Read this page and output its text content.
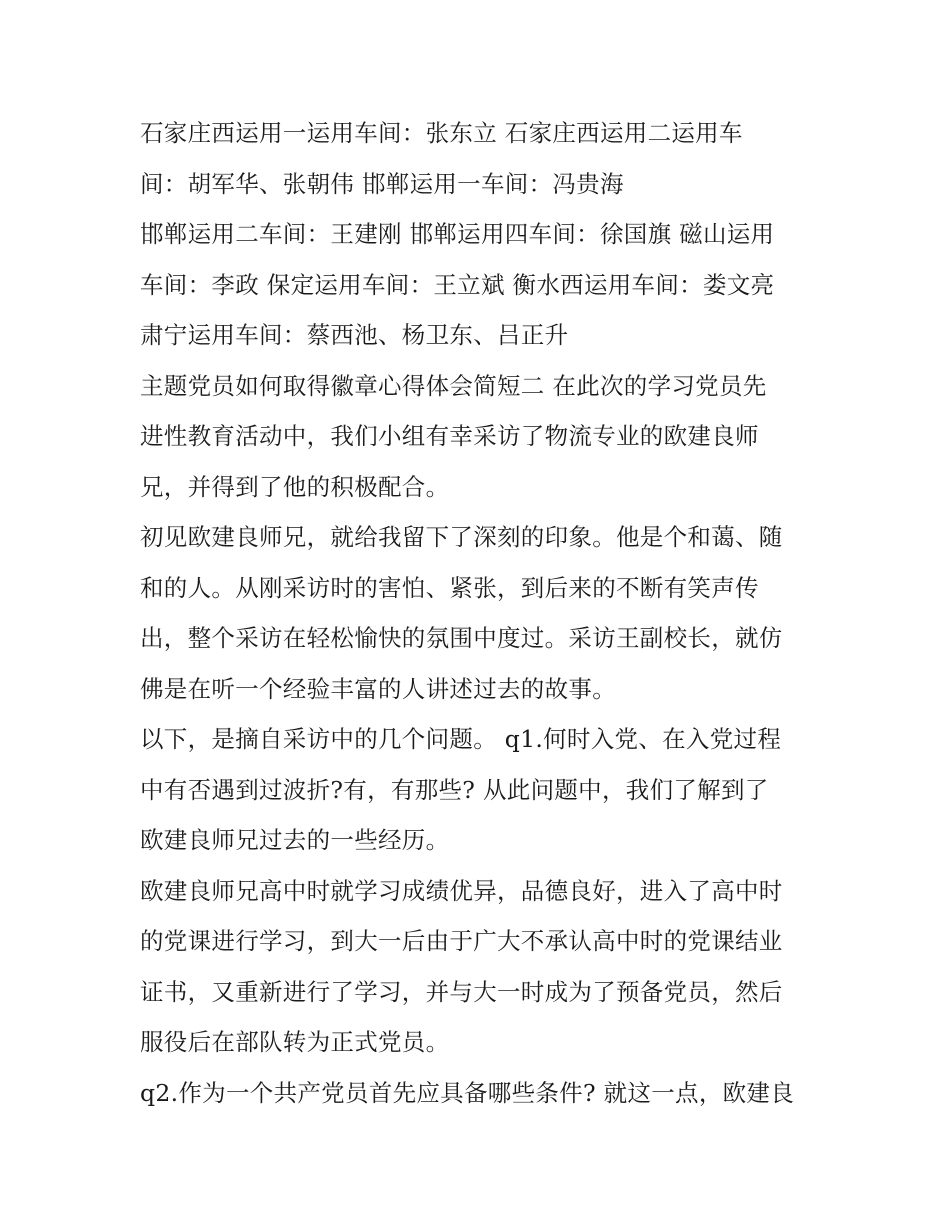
石家庄西运用一运用车间：张东立 石家庄西运用二运用车
间：胡军华、张朝伟 邯郸运用一车间：冯贵海
邯郸运用二车间：王建刚 邯郸运用四车间：徐国旗 磁山运用
车间：李政 保定运用车间：王立斌 衡水西运用车间：娄文亮
肃宁运用车间：蔡西池、杨卫东、吕正升
主题党员如何取得徽章心得体会简短二 在此次的学习党员先
进性教育活动中，我们小组有幸采访了物流专业的欧建良师
兄，并得到了他的积极配合。
初见欧建良师兄，就给我留下了深刻的印象。他是个和蔼、随
和的人。从刚采访时的害怕、紧张，到后来的不断有笑声传
出，整个采访在轻松愉快的氛围中度过。采访王副校长，就仿
佛是在听一个经验丰富的人讲述过去的故事。
以下，是摘自采访中的几个问题。 q1.何时入党、在入党过程
中有否遇到过波折?有，有那些? 从此问题中，我们了解到了
欧建良师兄过去的一些经历。
欧建良师兄高中时就学习成绩优异，品德良好，进入了高中时
的党课进行学习，到大一后由于广大不承认高中时的党课结业
证书，又重新进行了学习，并与大一时成为了预备党员，然后
服役后在部队转为正式党员。
q2.作为一个共产党员首先应具备哪些条件? 就这一点，欧建良
